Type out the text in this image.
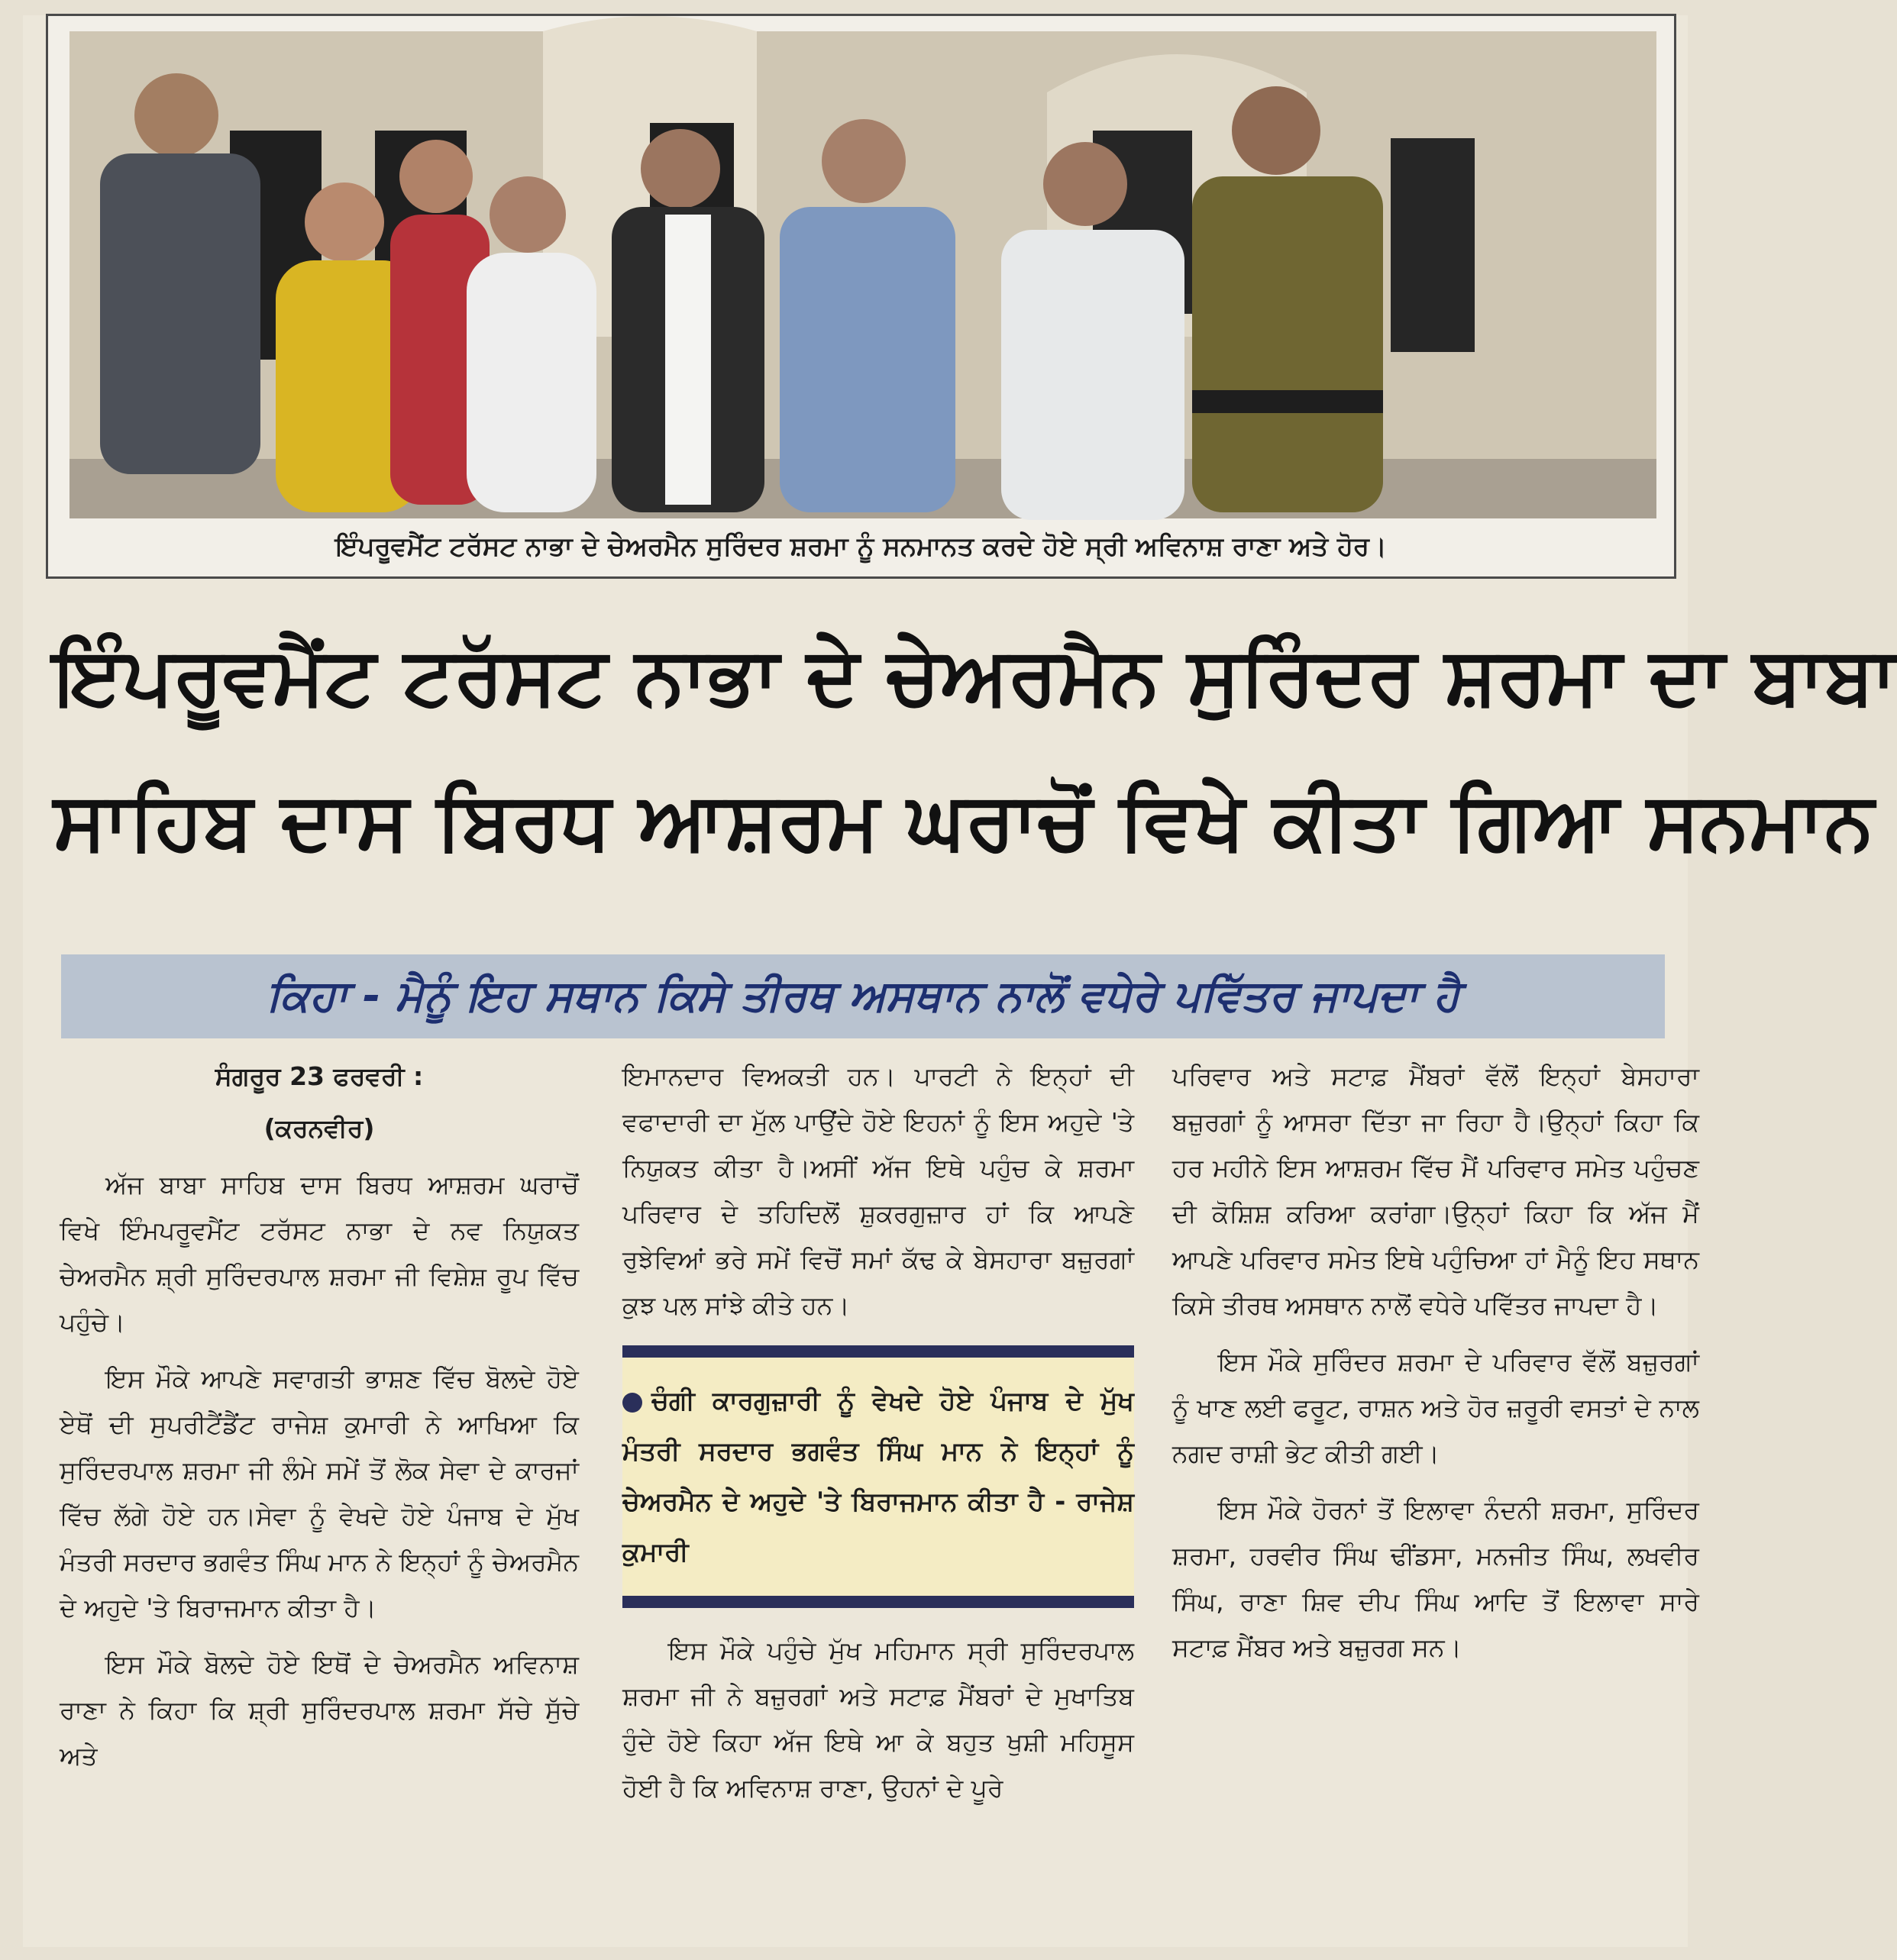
ਇੰਪਰੂਵਮੈਂਟ ਟਰੱਸਟ ਨਾਭਾ ਦੇ ਚੇਅਰਮੈਨ ਸੁਰਿੰਦਰ ਸ਼ਰਮਾ ਨੂੰ ਸਨਮਾਨਤ ਕਰਦੇ ਹੋਏ ਸ੍ਰੀ ਅਵਿਨਾਸ਼ ਰਾਣਾ ਅਤੇ ਹੋਰ।
ਇੰਪਰੂਵਮੈਂਟ ਟਰੱਸਟ ਨਾਭਾ ਦੇ ਚੇਅਰਮੈਨ ਸੁਰਿੰਦਰ ਸ਼ਰਮਾ ਦਾ ਬਾਬਾ
ਸਾਹਿਬ ਦਾਸ ਬਿਰਧ ਆਸ਼ਰਮ ਘਰਾਚੋਂ ਵਿਖੇ ਕੀਤਾ ਗਿਆ ਸਨਮਾਨ
ਕਿਹਾ - ਮੈਨੂੰ ਇਹ ਸਥਾਨ ਕਿਸੇ ਤੀਰਥ ਅਸਥਾਨ ਨਾਲੋਂ ਵਧੇਰੇ ਪਵਿੱਤਰ ਜਾਪਦਾ ਹੈ

ਸੰਗਰੂਰ 23 ਫਰਵਰੀ :

(ਕਰਨਵੀਰ)

ਅੱਜ ਬਾਬਾ ਸਾਹਿਬ ਦਾਸ ਬਿਰਧ ਆਸ਼ਰਮ ਘਰਾਚੋਂ ਵਿਖੇ ਇੰਮਪਰੂਵਮੈਂਟ ਟਰੱਸਟ ਨਾਭਾ ਦੇ ਨਵ ਨਿਯੁਕਤ ਚੇਅਰਮੈਨ ਸ਼੍ਰੀ ਸੁਰਿੰਦਰਪਾਲ ਸ਼ਰਮਾ ਜੀ ਵਿਸ਼ੇਸ਼ ਰੂਪ ਵਿੱਚ ਪਹੁੰਚੇ।

ਇਸ ਮੌਕੇ ਆਪਣੇ ਸਵਾਗਤੀ ਭਾਸ਼ਣ ਵਿੱਚ ਬੋਲਦੇ ਹੋਏ ਏਥੋਂ ਦੀ ਸੁਪਰੀਟੈਂਡੈਂਟ ਰਾਜੇਸ਼ ਕੁਮਾਰੀ ਨੇ ਆਖਿਆ ਕਿ ਸੁਰਿੰਦਰਪਾਲ ਸ਼ਰਮਾ ਜੀ ਲੰਮੇ ਸਮੇਂ ਤੋਂ ਲੋਕ ਸੇਵਾ ਦੇ ਕਾਰਜਾਂ ਵਿੱਚ ਲੱਗੇ ਹੋਏ ਹਨ।ਸੇਵਾ ਨੂੰ ਵੇਖਦੇ ਹੋਏ ਪੰਜਾਬ ਦੇ ਮੁੱਖ ਮੰਤਰੀ ਸਰਦਾਰ ਭਗਵੰਤ ਸਿੰਘ ਮਾਨ ਨੇ ਇਨ੍ਹਾਂ ਨੂੰ ਚੇਅਰਮੈਨ ਦੇ ਅਹੁਦੇ 'ਤੇ ਬਿਰਾਜਮਾਨ ਕੀਤਾ ਹੈ।

ਇਸ ਮੌਕੇ ਬੋਲਦੇ ਹੋਏ ਇਥੋਂ ਦੇ ਚੇਅਰਮੈਨ ਅਵਿਨਾਸ਼ ਰਾਣਾ ਨੇ ਕਿਹਾ ਕਿ ਸ਼੍ਰੀ ਸੁਰਿੰਦਰਪਾਲ ਸ਼ਰਮਾ ਸੱਚੇ ਸੁੱਚੇ ਅਤੇ

ਇਮਾਨਦਾਰ ਵਿਅਕਤੀ ਹਨ। ਪਾਰਟੀ ਨੇ ਇਨ੍ਹਾਂ ਦੀ ਵਫਾਦਾਰੀ ਦਾ ਮੁੱਲ ਪਾਉਂਦੇ ਹੋਏ ਇਹਨਾਂ ਨੂੰ ਇਸ ਅਹੁਦੇ 'ਤੇ ਨਿਯੁਕਤ ਕੀਤਾ ਹੈ।ਅਸੀਂ ਅੱਜ ਇਥੇ ਪਹੁੰਚ ਕੇ ਸ਼ਰਮਾ ਪਰਿਵਾਰ ਦੇ ਤਹਿਦਿਲੋਂ ਸ਼ੁਕਰਗੁਜ਼ਾਰ ਹਾਂ ਕਿ ਆਪਣੇ ਰੁਝੇਵਿਆਂ ਭਰੇ ਸਮੇਂ ਵਿਚੋਂ ਸਮਾਂ ਕੱਢ ਕੇ ਬੇਸਹਾਰਾ ਬਜ਼ੁਰਗਾਂ ਕੁਝ ਪਲ ਸਾਂਝੇ ਕੀਤੇ ਹਨ।

ਚੰਗੀ ਕਾਰਗੁਜ਼ਾਰੀ ਨੂੰ ਵੇਖਦੇ ਹੋਏ ਪੰਜਾਬ ਦੇ ਮੁੱਖ ਮੰਤਰੀ ਸਰਦਾਰ ਭਗਵੰਤ ਸਿੰਘ ਮਾਨ ਨੇ ਇਨ੍ਹਾਂ ਨੂੰ ਚੇਅਰਮੈਨ ਦੇ ਅਹੁਦੇ 'ਤੇ ਬਿਰਾਜਮਾਨ ਕੀਤਾ ਹੈ - ਰਾਜੇਸ਼ ਕੁਮਾਰੀ

ਇਸ ਮੌਕੇ ਪਹੁੰਚੇ ਮੁੱਖ ਮਹਿਮਾਨ ਸ੍ਰੀ ਸੁਰਿੰਦਰਪਾਲ ਸ਼ਰਮਾ ਜੀ ਨੇ ਬਜ਼ੁਰਗਾਂ ਅਤੇ ਸਟਾਫ਼ ਮੈਂਬਰਾਂ ਦੇ ਮੁਖਾਤਿਬ ਹੁੰਦੇ ਹੋਏ ਕਿਹਾ ਅੱਜ ਇਥੇ ਆ ਕੇ ਬਹੁਤ ਖੁਸ਼ੀ ਮਹਿਸੂਸ ਹੋਈ ਹੈ ਕਿ ਅਵਿਨਾਸ਼ ਰਾਣਾ, ਉਹਨਾਂ ਦੇ ਪੂਰੇ

ਪਰਿਵਾਰ ਅਤੇ ਸਟਾਫ਼ ਮੈਂਬਰਾਂ ਵੱਲੋਂ ਇਨ੍ਹਾਂ ਬੇਸਹਾਰਾ ਬਜ਼ੁਰਗਾਂ ਨੂੰ ਆਸਰਾ ਦਿੱਤਾ ਜਾ ਰਿਹਾ ਹੈ।ਉਨ੍ਹਾਂ ਕਿਹਾ ਕਿ ਹਰ ਮਹੀਨੇ ਇਸ ਆਸ਼ਰਮ ਵਿੱਚ ਮੈਂ ਪਰਿਵਾਰ ਸਮੇਤ ਪਹੁੰਚਣ ਦੀ ਕੋਸ਼ਿਸ਼ ਕਰਿਆ ਕਰਾਂਗਾ।ਉਨ੍ਹਾਂ ਕਿਹਾ ਕਿ ਅੱਜ ਮੈਂ ਆਪਣੇ ਪਰਿਵਾਰ ਸਮੇਤ ਇਥੇ ਪਹੁੰਚਿਆ ਹਾਂ ਮੈਨੂੰ ਇਹ ਸਥਾਨ ਕਿਸੇ ਤੀਰਥ ਅਸਥਾਨ ਨਾਲੋਂ ਵਧੇਰੇ ਪਵਿੱਤਰ ਜਾਪਦਾ ਹੈ।

ਇਸ ਮੌਕੇ ਸੁਰਿੰਦਰ ਸ਼ਰਮਾ ਦੇ ਪਰਿਵਾਰ ਵੱਲੋਂ ਬਜ਼ੁਰਗਾਂ ਨੂੰ ਖਾਣ ਲਈ ਫਰੂਟ, ਰਾਸ਼ਨ ਅਤੇ ਹੋਰ ਜ਼ਰੂਰੀ ਵਸਤਾਂ ਦੇ ਨਾਲ ਨਗਦ ਰਾਸ਼ੀ ਭੇਟ ਕੀਤੀ ਗਈ।

ਇਸ ਮੌਕੇ ਹੋਰਨਾਂ ਤੋਂ ਇਲਾਵਾ ਨੰਦਨੀ ਸ਼ਰਮਾ, ਸੁਰਿੰਦਰ ਸ਼ਰਮਾ, ਹਰਵੀਰ ਸਿੰਘ ਢੀਂਡਸਾ, ਮਨਜੀਤ ਸਿੰਘ, ਲਖਵੀਰ ਸਿੰਘ, ਰਾਣਾ ਸ਼ਿਵ ਦੀਪ ਸਿੰਘ ਆਦਿ ਤੋਂ ਇਲਾਵਾ ਸਾਰੇ ਸਟਾਫ਼ ਮੈਂਬਰ ਅਤੇ ਬਜ਼ੁਰਗ ਸਨ।
